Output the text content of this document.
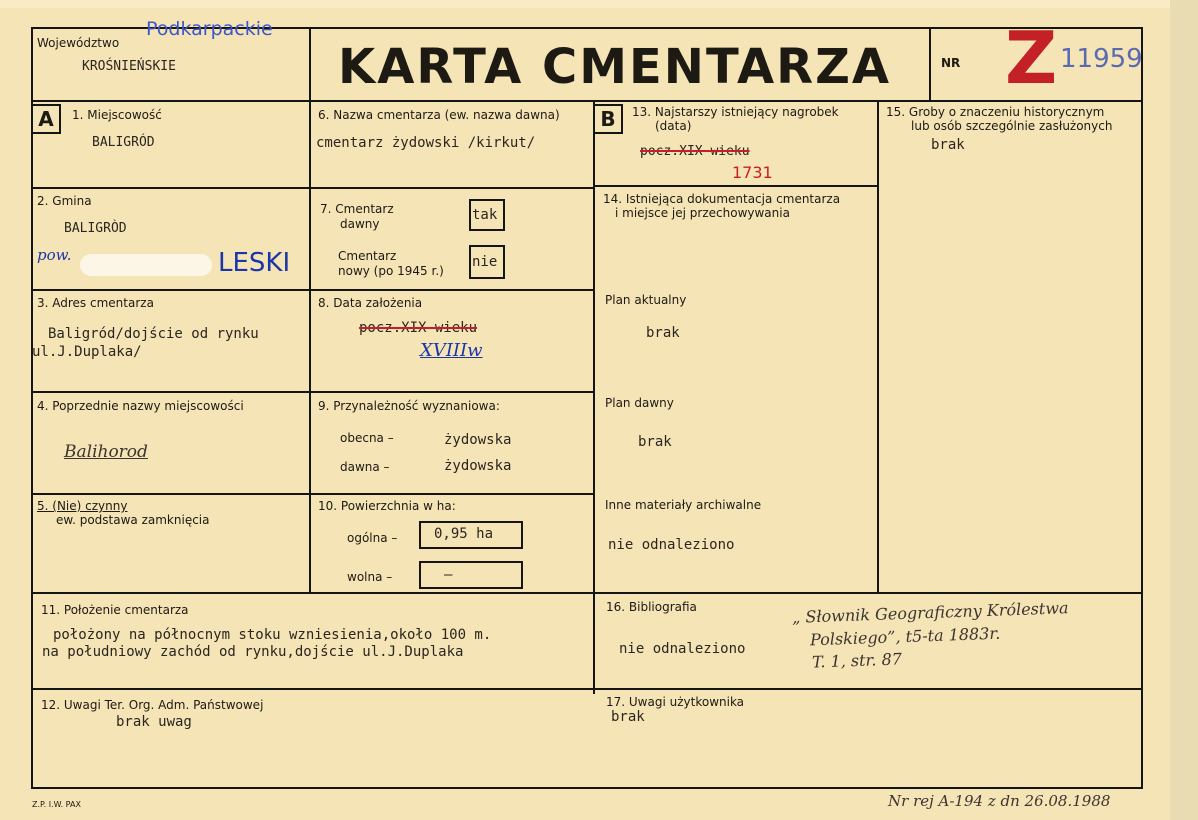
Województwo
Podkarpackie
KROŚNIEŃSKIE	KARTA CMENTARZA	NR Z 11959
A	B
1. Miejscowość
BALIGRÓD
2. Gmina
BALIGRÒD
pow.	LESKI
3. Adres cmentarza
Baligród/dojście od rynku
ul.J.Duplaka/
4. Poprzednie nazwy miejscowości
Balihorod
5. (Nie) czynny
ew. podstawa zamknięcia
6. Nazwa cmentarza (ew. nazwa dawna)
cmentarz żydowski /kirkut/
7. Cmentarz
dawny
tak
Cmentarz
nowy (po 1945 r.)
nie
8. Data założenia
pocz.XIX wieku
XVIIIw
9. Przynależność wyznaniowa:
obecna –	żydowska
dawna –	żydowska
10. Powierzchnia w ha:
ogólna –	0,95 ha
wolna –	–
13. Najstarszy istniejący nagrobek
(data)
pocz.XIX wieku
1731
14. Istniejąca dokumentacja cmentarza
i miejsce jej przechowywania
Plan aktualny
brak
Plan dawny
brak
Inne materiały archiwalne
nie odnaleziono
15. Groby o znaczeniu historycznym
lub osób szczególnie zasłużonych
brak
11. Położenie cmentarza
położony na północnym stoku wzniesienia,około 100 m.
na południowy zachód od rynku,dojście ul.J.Duplaka
16. Bibliografia
nie odnaleziono
„ Słownik Geograficzny Królestwa
Polskiego”, t5-ta 1883r.
T. 1, str. 87
12. Uwagi Ter. Org. Adm. Państwowej
brak uwag
17. Uwagi użytkownika
brak
Z.P. I.W. PAX	Nr rej A-194 z dn 26.08.1988
